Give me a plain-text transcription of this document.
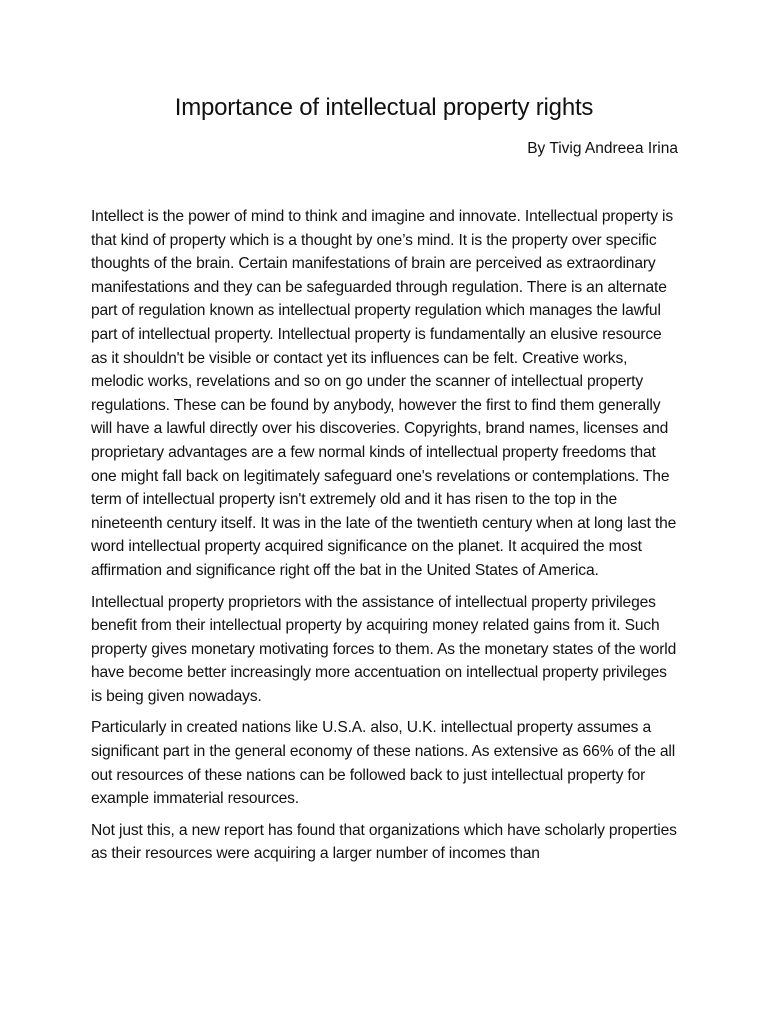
Importance of intellectual property rights

By Tivig Andreea Irina

Intellect is the power of mind to think and imagine and innovate. Intellectual property is that kind of property which is a thought by one’s mind. It is the property over specific thoughts of the brain. Certain manifestations of brain are perceived as extraordinary manifestations and they can be safeguarded through regulation. There is an alternate part of regulation known as intellectual property regulation which manages the lawful part of intellectual property. Intellectual property is fundamentally an elusive resource as it shouldn't be visible or contact yet its influences can be felt. Creative works, melodic works, revelations and so on go under the scanner of intellectual property regulations. These can be found by anybody, however the first to find them generally will have a lawful directly over his discoveries. Copyrights, brand names, licenses and proprietary advantages are a few normal kinds of intellectual property freedoms that one might fall back on legitimately safeguard one's revelations or contemplations. The term of intellectual property isn't extremely old and it has risen to the top in the nineteenth century itself. It was in the late of the twentieth century when at long last the word intellectual property acquired significance on the planet. It acquired the most affirmation and significance right off the bat in the United States of America.

Intellectual property proprietors with the assistance of intellectual property privileges benefit from their intellectual property by acquiring money related gains from it. Such property gives monetary motivating forces to them. As the monetary states of the world have become better increasingly more accentuation on intellectual property privileges is being given nowadays.

Particularly in created nations like U.S.A. also, U.K. intellectual property assumes a significant part in the general economy of these nations. As extensive as 66% of the all out resources of these nations can be followed back to just intellectual property for example immaterial resources.

Not just this, a new report has found that organizations which have scholarly properties as their resources were acquiring a larger number of incomes than
